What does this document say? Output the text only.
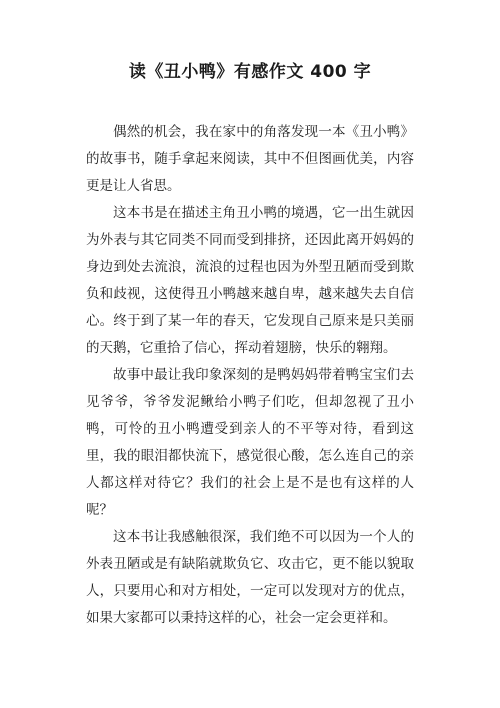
读《丑小鸭》有感作文 400 字

偶然的机会，我在家中的角落发现一本《丑小鸭》的故事书，随手拿起来阅读，其中不但图画优美，内容更是让人省思。

这本书是在描述主角丑小鸭的境遇，它一出生就因为外表与其它同类不同而受到排挤，还因此离开妈妈的身边到处去流浪，流浪的过程也因为外型丑陋而受到欺负和歧视，这使得丑小鸭越来越自卑，越来越失去自信心。终于到了某一年的春天，它发现自己原来是只美丽的天鹅，它重拾了信心，挥动着翅膀，快乐的翱翔。

故事中最让我印象深刻的是鸭妈妈带着鸭宝宝们去见爷爷，爷爷发泥鳅给小鸭子们吃，但却忽视了丑小鸭，可怜的丑小鸭遭受到亲人的不平等对待，看到这里，我的眼泪都快流下，感觉很心酸，怎么连自己的亲人都这样对待它？我们的社会上是不是也有这样的人呢？

这本书让我感触很深，我们绝不可以因为一个人的外表丑陋或是有缺陷就欺负它、攻击它，更不能以貌取人，只要用心和对方相处，一定可以发现对方的优点，如果大家都可以秉持这样的心，社会一定会更祥和。
